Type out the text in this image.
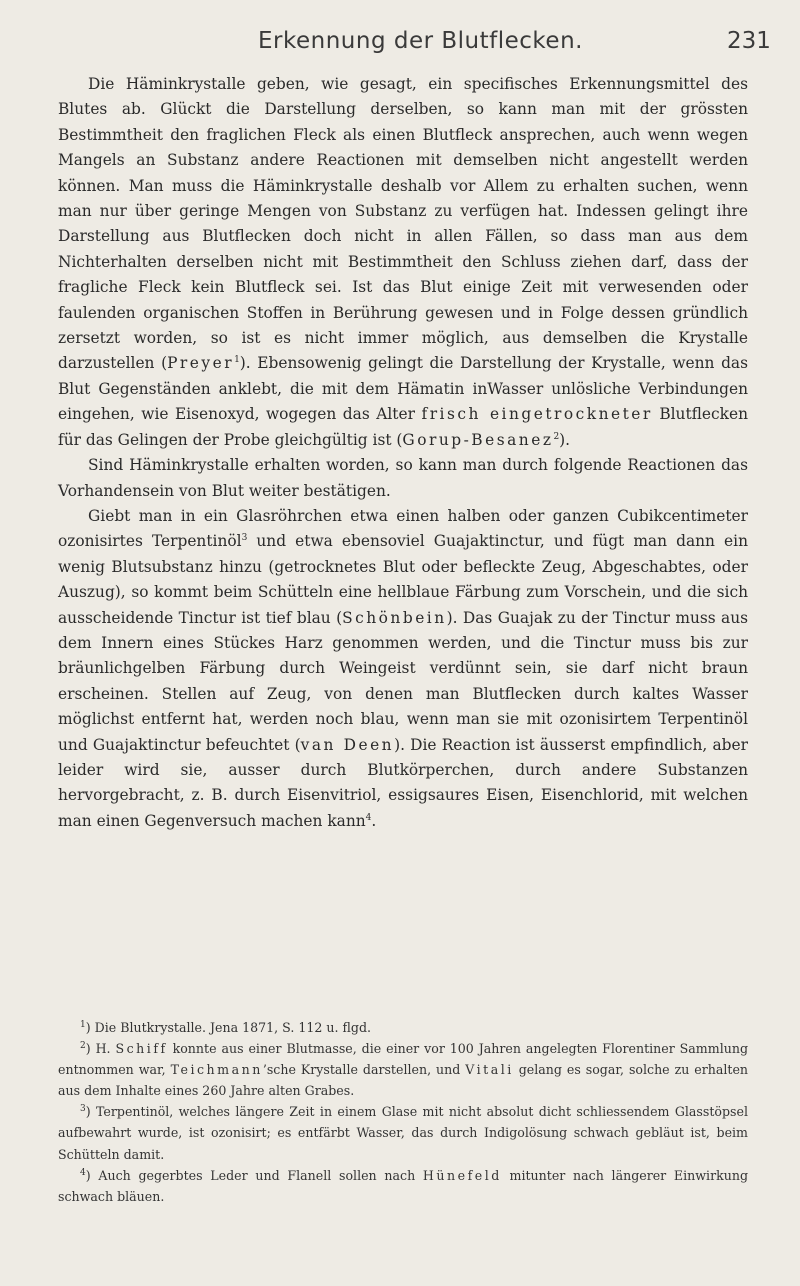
Erkennung der Blutflecken.	231

Die Häminkrystalle geben, wie gesagt, ein specifisches Erkennungsmittel des Blutes ab. Glückt die Darstellung derselben, so kann man mit der grössten Bestimmtheit den fraglichen Fleck als einen Blutfleck ansprechen, auch wenn wegen Mangels an Substanz andere Reactionen mit demselben nicht angestellt werden können. Man muss die Häminkrystalle deshalb vor Allem zu erhalten suchen, wenn man nur über geringe Mengen von Substanz zu verfügen hat. Indessen gelingt ihre Darstellung aus Blutflecken doch nicht in allen Fällen, so dass man aus dem Nichterhalten derselben nicht mit Bestimmtheit den Schluss ziehen darf, dass der fragliche Fleck kein Blutfleck sei. Ist das Blut einige Zeit mit verwesenden oder faulenden organischen Stoffen in Berührung gewesen und in Folge dessen gründlich zersetzt worden, so ist es nicht immer möglich, aus demselben die Krystalle darzustellen (Preyer$^1$). Ebensowenig gelingt die Darstellung der Krystalle, wenn das Blut Gegenständen anklebt, die mit dem Hämatin inWasser unlösliche Verbindungen eingehen, wie Eisenoxyd, wogegen das Alter frisch eingetrockneter Blutflecken für das Gelingen der Probe gleichgültig ist (Gorup-Besanez$^2$).

Sind Häminkrystalle erhalten worden, so kann man durch folgende Reactionen das Vorhandensein von Blut weiter bestätigen.

Giebt man in ein Glasröhrchen etwa einen halben oder ganzen Cubikcentimeter ozonisirtes Terpentinöl$^3$ und etwa ebensoviel Guajaktinctur, und fügt man dann ein wenig Blutsubstanz hinzu (getrocknetes Blut oder befleckte Zeug, Abgeschabtes, oder Auszug), so kommt beim Schütteln eine hellblaue Färbung zum Vorschein, und die sich ausscheidende Tinctur ist tief blau (Schönbein). Das Guajak zu der Tinctur muss aus dem Innern eines Stückes Harz genommen werden, und die Tinctur muss bis zur bräunlichgelben Färbung durch Weingeist verdünnt sein, sie darf nicht braun erscheinen. Stellen auf Zeug, von denen man Blutflecken durch kaltes Wasser möglichst entfernt hat, werden noch blau, wenn man sie mit ozonisirtem Terpentinöl und Guajaktinctur befeuchtet (van Deen). Die Reaction ist äusserst empfindlich, aber leider wird sie, ausser durch Blutkörperchen, durch andere Substanzen hervorgebracht, z. B. durch Eisenvitriol, essigsaures Eisen, Eisenchlorid, mit welchen man einen Gegenversuch machen kann$^4$.

$^1$) Die Blutkrystalle. Jena 1871, S. 112 u. flgd.

$^2$) H. Schiff konnte aus einer Blutmasse, die einer vor 100 Jahren angelegten Florentiner Sammlung entnommen war, Teichmann’sche Krystalle darstellen, und Vitali gelang es sogar, solche zu erhalten aus dem Inhalte eines 260 Jahre alten Grabes.

$^3$) Terpentinöl, welches längere Zeit in einem Glase mit nicht absolut dicht schliessendem Glasstöpsel aufbewahrt wurde, ist ozonisirt; es entfärbt Wasser, das durch Indigolösung schwach gebläut ist, beim Schütteln damit.

$^4$) Auch gegerbtes Leder und Flanell sollen nach Hünefeld mitunter nach längerer Einwirkung schwach bläuen.
